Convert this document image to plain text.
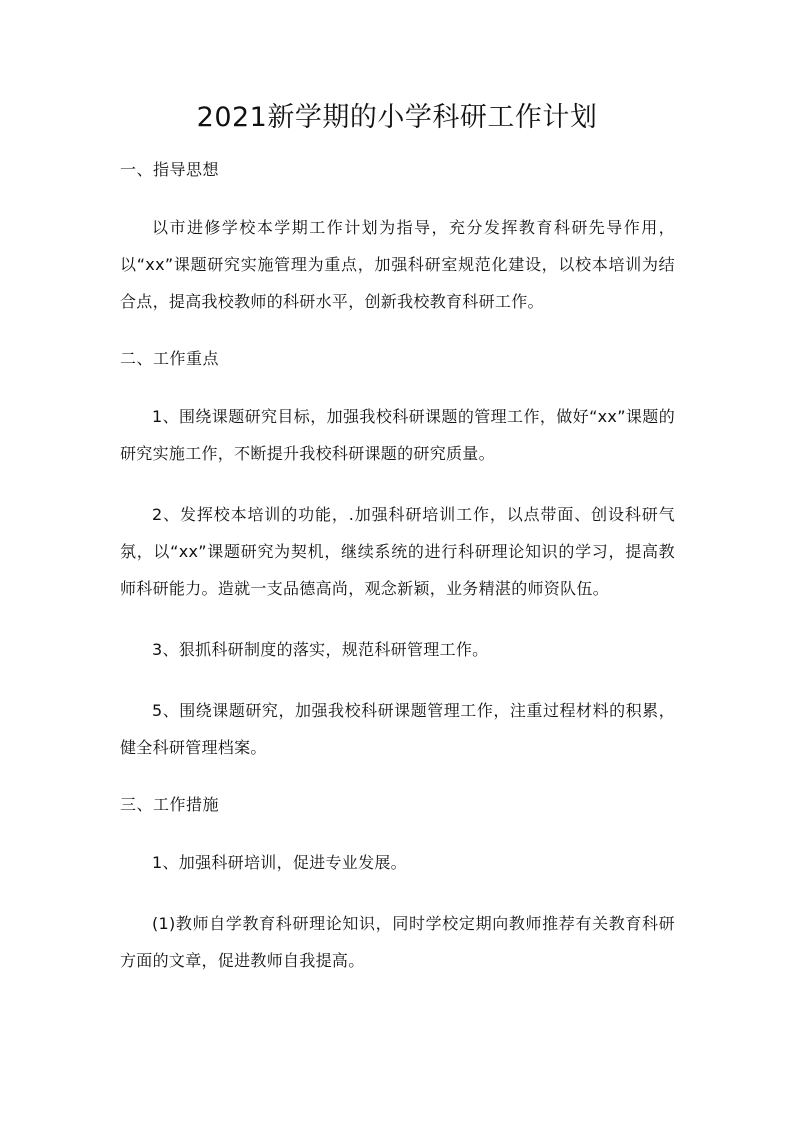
2021新学期的小学科研工作计划

一、指导思想

以市进修学校本学期工作计划为指导，充分发挥教育科研先导作用，以“xx”课题研究实施管理为重点，加强科研室规范化建设，以校本培训为结合点，提高我校教师的科研水平，创新我校教育科研工作。

二、工作重点

1、围绕课题研究目标，加强我校科研课题的管理工作，做好“xx”课题的研究实施工作，不断提升我校科研课题的研究质量。

2、发挥校本培训的功能，.加强科研培训工作，以点带面、创设科研气氛，以“xx”课题研究为契机，继续系统的进行科研理论知识的学习，提高教师科研能力。造就一支品德高尚，观念新颖，业务精湛的师资队伍。

3、狠抓科研制度的落实，规范科研管理工作。

5、围绕课题研究，加强我校科研课题管理工作，注重过程材料的积累，健全科研管理档案。

三、工作措施

1、加强科研培训，促进专业发展。

(1)教师自学教育科研理论知识，同时学校定期向教师推荐有关教育科研方面的文章，促进教师自我提高。
